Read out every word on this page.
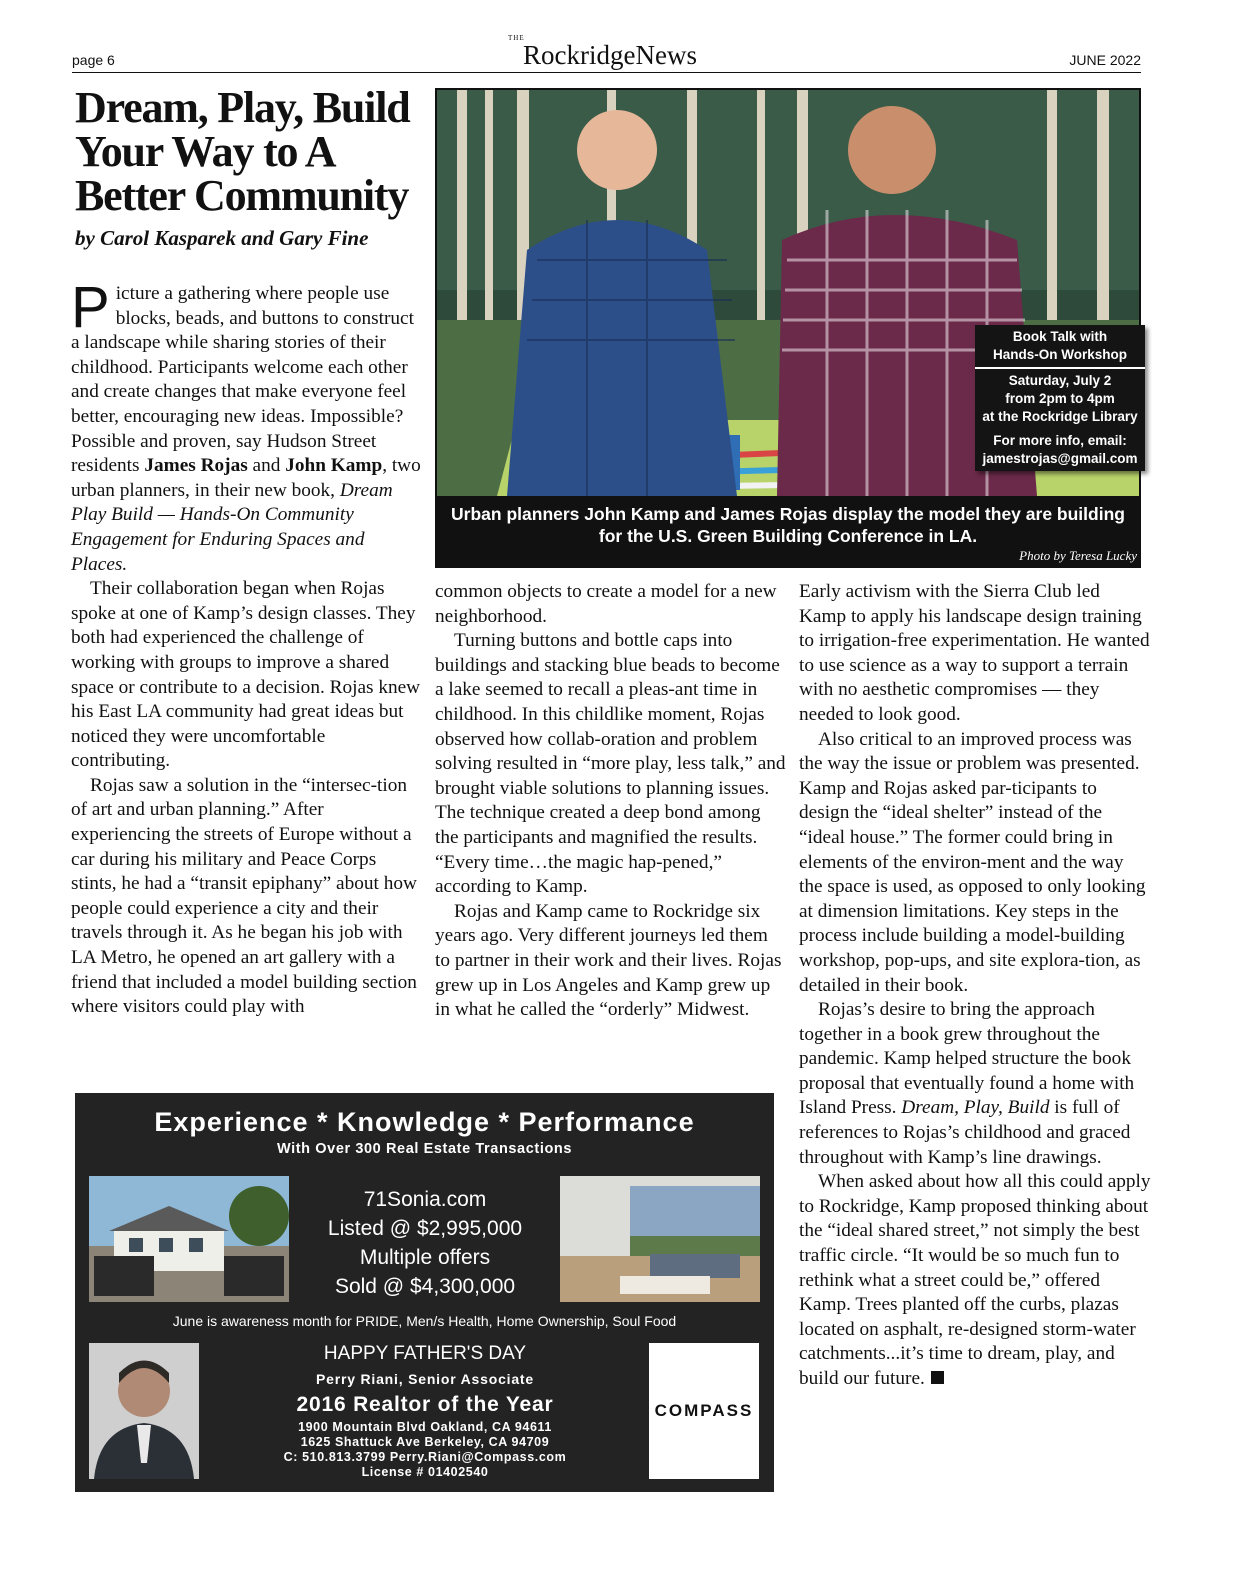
page 6
THE
RockridgeNews	JUNE 2022
Dream, Play, Build Your Way to A Better Community
by Carol Kasparek and Gary Fine

Picture a gathering where people use blocks, beads, and buttons to construct a landscape while sharing stories of their childhood. Participants welcome each other and create changes that make everyone feel better, encouraging new ideas. Impossible? Possible and proven, say Hudson Street residents James Rojas and John Kamp, two urban planners, in their new book, Dream Play Build — Hands-On Community Engagement for Enduring Spaces and Places.

Their collaboration began when Rojas spoke at one of Kamp’s design classes. They both had experienced the challenge of working with groups to improve a shared space or contribute to a decision. Rojas knew his East LA community had great ideas but noticed they were uncomfortable contributing.

Rojas saw a solution in the “intersec-tion of art and urban planning.” After experiencing the streets of Europe without a car during his military and Peace Corps stints, he had a “transit epiphany” about how people could experience a city and their travels through it. As he began his job with LA Metro, he opened an art gallery with a friend that included a model building section where visitors could play with

common objects to create a model for a new neighborhood.

Turning buttons and bottle caps into buildings and stacking blue beads to become a lake seemed to recall a pleas-ant time in childhood. In this childlike moment, Rojas observed how collab-oration and problem solving resulted in “more play, less talk,” and brought viable solutions to planning issues. The technique created a deep bond among the participants and magnified the results. “Every time…the magic hap-pened,” according to Kamp.

Rojas and Kamp came to Rockridge six years ago. Very different journeys led them to partner in their work and their lives. Rojas grew up in Los Angeles and Kamp grew up in what he called the “orderly” Midwest.

Early activism with the Sierra Club led Kamp to apply his landscape design training to irrigation-free experimentation. He wanted to use science as a way to support a terrain with no aesthetic compromises — they needed to look good.

Also critical to an improved process was the way the issue or problem was presented. Kamp and Rojas asked par-ticipants to design the “ideal shelter” instead of the “ideal house.” The former could bring in elements of the environ-ment and the way the space is used, as opposed to only looking at dimension limitations. Key steps in the process include building a model-building workshop, pop-ups, and site explora-tion, as detailed in their book.

Rojas’s desire to bring the approach together in a book grew throughout the pandemic. Kamp helped structure the book proposal that eventually found a home with Island Press. Dream, Play, Build is full of references to Rojas’s childhood and graced throughout with Kamp’s line drawings.

When asked about how all this could apply to Rockridge, Kamp proposed thinking about the “ideal shared street,” not simply the best traffic circle. “It would be so much fun to rethink what a street could be,” offered Kamp. Trees planted off the curbs, plazas located on asphalt, re-designed storm-water catchments...it’s time to dream, play, and build our future.

Urban planners John Kamp and James Rojas display the model they are building for the U.S. Green Building Conference in LA.
Photo by Teresa Lucky
Book Talk with
Hands-On Workshop
Saturday, July 2
from 2pm to 4pm
at the Rockridge Library
For more info, email:
jamestrojas@gmail.com
Experience * Knowledge * Performance
With Over 300 Real Estate Transactions
71Sonia.com
Listed @ $2,995,000
Multiple offers
Sold @ $4,300,000
June is awareness month for PRIDE, Men/s Health, Home Ownership, Soul Food
HAPPY FATHER'S DAY
Perry Riani, Senior Associate
2016 Realtor of the Year
1900 Mountain Blvd Oakland, CA 94611
1625 Shattuck Ave Berkeley, CA 94709
C: 510.813.3799 Perry.Riani@Compass.com
License # 01402540
COMPASS
